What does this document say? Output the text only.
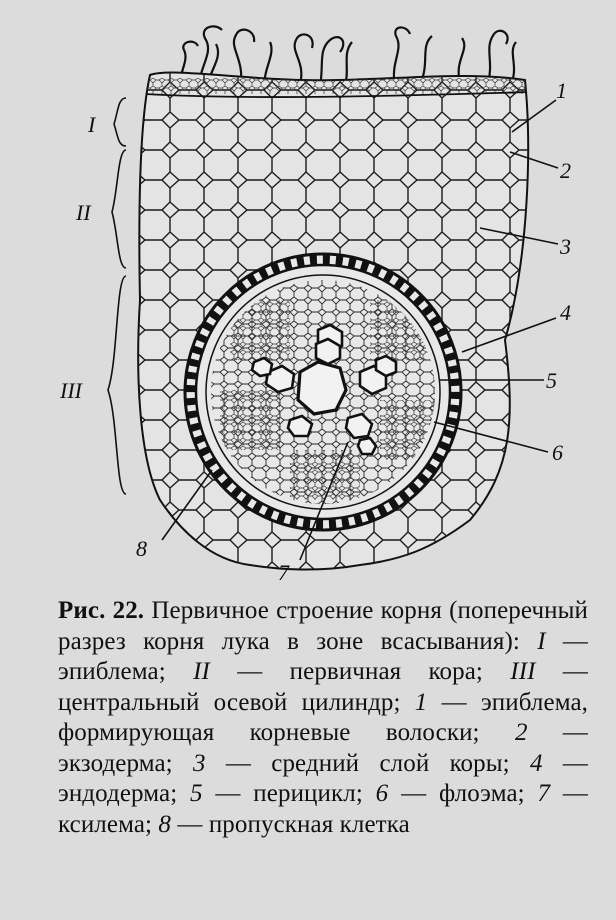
I
II
III
1
2
3
4
5
6
7
8
Рис. 22. Первичное строение корня (поперечный разрез корня лука в зоне всасывания): I — эпиблема; II — первичная кора; III — центральный осевой цилиндр; 1 — эпиблема, формирующая корневые волоски; 2 — экзодерма; 3 — средний слой коры; 4 — эндодерма; 5 — перицикл; 6 — флоэма; 7 — ксилема; 8 — пропускная клетка
